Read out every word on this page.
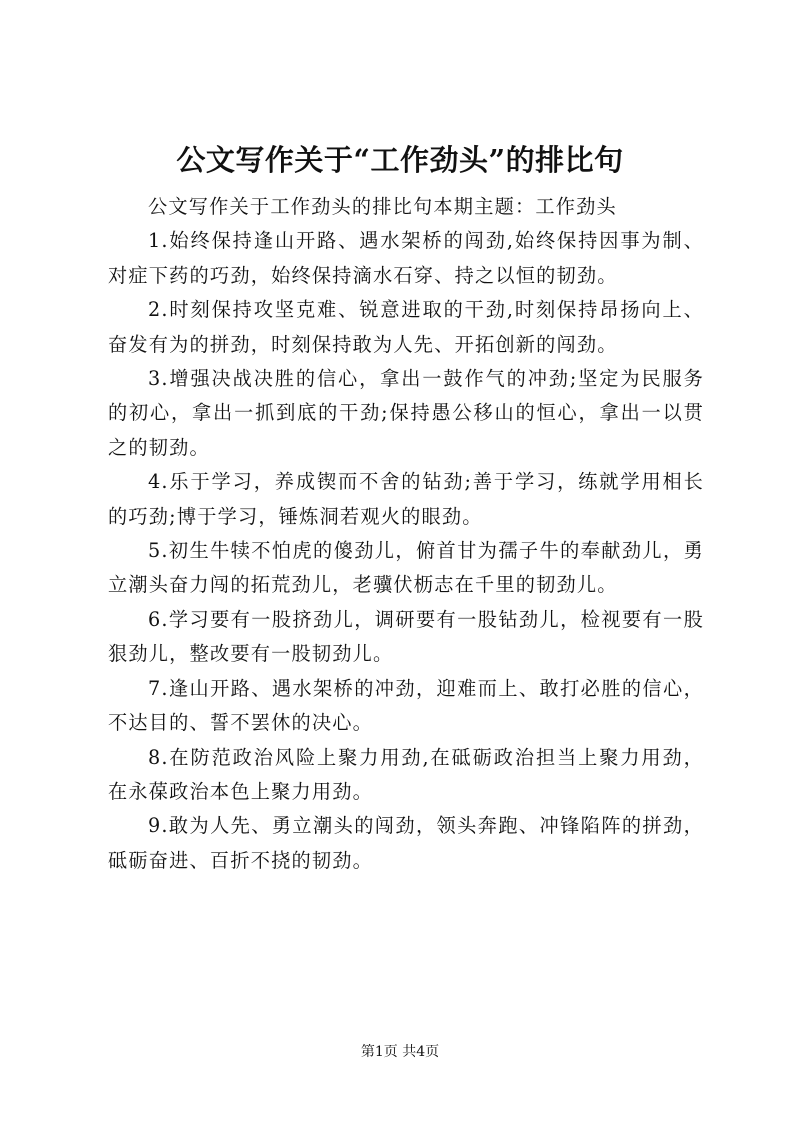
公文写作关于“工作劲头”的排比句

公文写作关于工作劲头的排比句本期主题：工作劲头

1.始终保持逢山开路、遇水架桥的闯劲,始终保持因事为制、对症下药的巧劲，始终保持滴水石穿、持之以恒的韧劲。

2.时刻保持攻坚克难、锐意进取的干劲,时刻保持昂扬向上、奋发有为的拼劲，时刻保持敢为人先、开拓创新的闯劲。

3.增强决战决胜的信心，拿出一鼓作气的冲劲;坚定为民服务的初心，拿出一抓到底的干劲;保持愚公移山的恒心，拿出一以贯之的韧劲。

4.乐于学习，养成锲而不舍的钻劲;善于学习，练就学用相长的巧劲;博于学习，锤炼洞若观火的眼劲。

5.初生牛犊不怕虎的傻劲儿，俯首甘为孺子牛的奉献劲儿，勇立潮头奋力闯的拓荒劲儿，老骥伏枥志在千里的韧劲儿。

6.学习要有一股挤劲儿，调研要有一股钻劲儿，检视要有一股狠劲儿，整改要有一股韧劲儿。

7.逢山开路、遇水架桥的冲劲，迎难而上、敢打必胜的信心，不达目的、誓不罢休的决心。

8.在防范政治风险上聚力用劲,在砥砺政治担当上聚力用劲，在永葆政治本色上聚力用劲。

9.敢为人先、勇立潮头的闯劲，领头奔跑、冲锋陷阵的拼劲，砥砺奋进、百折不挠的韧劲。

第1页 共4页
